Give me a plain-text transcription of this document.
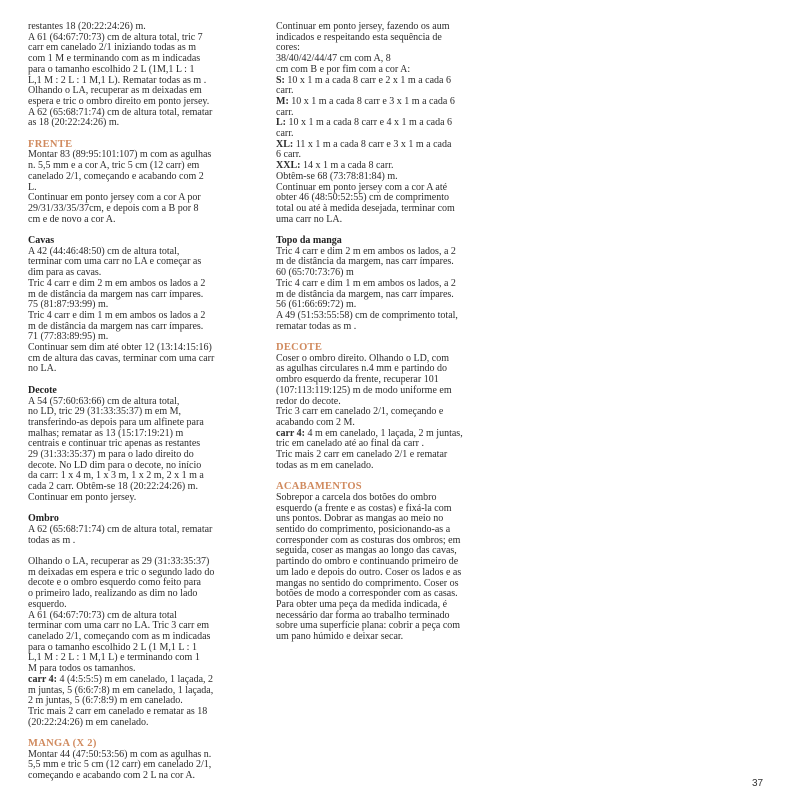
restantes 18 (20:22:24:26) m.
A 61 (64:67:70:73) cm de altura total, tric 7
carr em canelado 2/1 iniziando todas as m
com 1 M e terminando com as m indicadas
para o tamanho escolhido 2 L (1M,1 L : 1
L,1 M : 2 L : 1 M,1 L). Rematar todas as m .
Olhando o LA, recuperar as m deixadas em
espera e tric o ombro direito em ponto jersey.
A 62 (65:68:71:74) cm de altura total, rematar
as 18 (20:22:24:26) m.

FRENTE

Montar 83 (89:95:101:107) m com as agulhas
n. 5,5 mm e a cor A, tric 5 cm (12 carr) em
canelado 2/1, começando e acabando com 2
L.
Continuar em ponto jersey com a cor A por
29/31/33/35/37cm, e depois com a B por 8
cm e de novo a cor A.

Cavas

A 42 (44:46:48:50) cm de altura total,
terminar com uma carr no LA e começar as
dim para as cavas.
Tric 4 carr e dim 2 m em ambos os lados a 2
m de distância da margem nas carr ímpares.
75 (81:87:93:99) m.
Tric 4 carr e dim 1 m em ambos os lados a 2
m de distância da margem nas carr ímpares.
71 (77:83:89:95) m.
Continuar sem dim até obter 12 (13:14:15:16)
cm de altura das cavas, terminar com uma carr
no LA.

Decote

A 54 (57:60:63:66) cm de altura total,
no LD, tric 29 (31:33:35:37) m em M,
transferindo-as depois para um alfinete para
malhas; rematar as 13 (15:17:19:21) m
centrais e continuar tric apenas as restantes
29 (31:33:35:37) m para o lado direito do
decote. No LD dim para o decote, no início
da carr: 1 x 4 m, 1 x 3 m, 1 x 2 m, 2 x 1 m a
cada 2 carr. Obtêm-se 18 (20:22:24:26) m.
Continuar em ponto jersey.

Ombro

A 62 (65:68:71:74) cm de altura total, rematar
todas as m .

Olhando o LA, recuperar as 29 (31:33:35:37)
m deixadas em espera e tric o segundo lado do
decote e o ombro esquerdo como feito para
o primeiro lado, realizando as dim no lado
esquerdo.
A 61 (64:67:70:73) cm de altura total
terminar com uma carr no LA. Tric 3 carr em
canelado 2/1, começando com as m indicadas
para o tamanho escolhido 2 L (1 M,1 L : 1
L,1 M : 2 L : 1 M,1 L) e terminando com 1
M para todos os tamanhos.

carr 4: 4 (4:5:5:5) m em canelado, 1 laçada, 2
m juntas, 5 (6:6:7:8) m em canelado, 1 laçada,
2 m juntas, 5 (6:7:8:9) m em canelado.
Tric mais 2 carr em canelado e rematar as 18
(20:22:24:26) m em canelado.

MANGA (X 2)

Montar 44 (47:50:53:56) m com as agulhas n.
5,5 mm e tric 5 cm (12 carr) em canelado 2/1,
começando e acabando com 2 L na cor A.

Continuar em ponto jersey, fazendo os aum
indicados e respeitando esta sequência de
cores:
38/40/42/44/47 cm com A, 8
cm com B e por fim com a cor A:

S: 10 x 1 m a cada 8 carr e 2 x 1 m a cada 6
carr.

M: 10 x 1 m a cada 8 carr e 3 x 1 m a cada 6
carr.

L: 10 x 1 m a cada 8 carr e 4 x 1 m a cada 6
carr.

XL: 11 x 1 m a cada 8 carr e 3 x 1 m a cada
6 carr.

XXL: 14 x 1 m a cada 8 carr.

Obtêm-se 68 (73:78:81:84) m.
Continuar em ponto jersey com a cor A até
obter 46 (48:50:52:55) cm de comprimento
total ou até à medida desejada, terminar com
uma carr no LA.

Topo da manga

Tric 4 carr e dim 2 m em ambos os lados, a 2
m de distância da margem, nas carr ímpares.
60 (65:70:73:76) m
Tric 4 carr e dim 1 m em ambos os lados, a 2
m de distância da margem, nas carr ímpares.
56 (61:66:69:72) m.
A 49 (51:53:55:58) cm de comprimento total,
rematar todas as m .

DECOTE

Coser o ombro direito. Olhando o LD, com
as agulhas circulares n.4 mm e partindo do
ombro esquerdo da frente, recuperar 101
(107:113:119:125) m de modo uniforme em
redor do decote.
Tric 3 carr em canelado 2/1, começando e
acabando com 2 M.

carr 4: 4 m em canelado, 1 laçada, 2 m juntas,
tric em canelado até ao final da carr .
Tric mais 2 carr em canelado 2/1 e rematar
todas as m em canelado.

ACABAMENTOS

Sobrepor a carcela dos botões do ombro
esquerdo (a frente e as costas) e fixá-la com
uns pontos. Dobrar as mangas ao meio no
sentido do comprimento, posicionando-as a
corresponder com as costuras dos ombros; em
seguida, coser as mangas ao longo das cavas,
partindo do ombro e continuando primeiro de
um lado e depois do outro. Coser os lados e as
mangas no sentido do comprimento. Coser os
botões de modo a corresponder com as casas.
Para obter uma peça da medida indicada, é
necessário dar forma ao trabalho terminado
sobre uma superfície plana: cobrir a peça com
um pano húmido e deixar secar.

37
